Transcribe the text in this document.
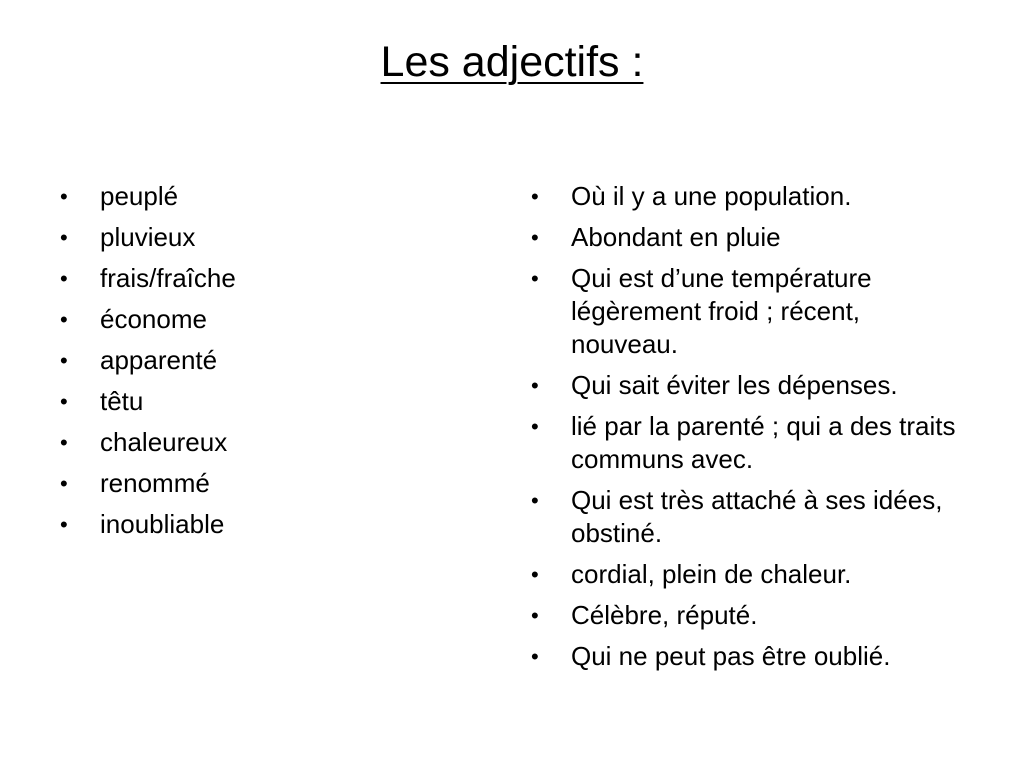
Les adjectifs :
•	peuplé
•	pluvieux
•	frais/fraîche
•	économe
•	apparenté
•	têtu
•	chaleureux
•	renommé
•	inoubliable
•	Où il y a une population.
•	Abondant en pluie
•	Qui est d’une température légèrement froid ; récent, nouveau.
•	Qui sait éviter les dépenses.
•	lié par la parenté ; qui a des traits communs avec.
•	Qui est très attaché à ses idées, obstiné.
•	cordial, plein de chaleur.
•	Célèbre, réputé.
•	Qui ne peut pas être oublié.
